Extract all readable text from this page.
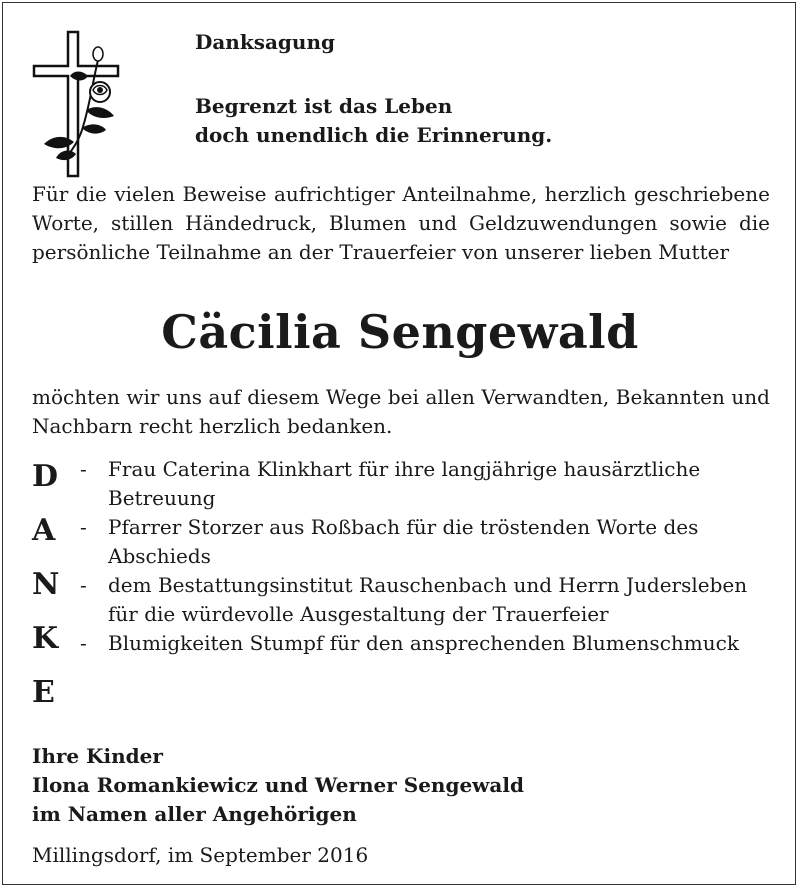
Danksagung
Begrenzt ist das Leben
doch unendlich die Erinnerung.
Für die vielen Beweise aufrichtiger Anteilnahme, herzlich geschriebene Worte, stillen Händedruck, Blumen und Geldzuwendungen sowie die persönliche Teilnahme an der Trauerfeier von unserer lieben Mutter
Cäcilia Sengewald
möchten wir uns auf diesem Wege bei allen Verwandten, Bekannten und Nachbarn recht herzlich bedanken.
D
A
N
K
E
- Frau Caterina Klinkhart für ihre langjährige hausärztliche Betreuung
- Pfarrer Storzer aus Roßbach für die tröstenden Worte des Abschieds
- dem Bestattungsinstitut Rauschenbach und Herrn Judersleben für die würdevolle Ausgestaltung der Trauerfeier
- Blumigkeiten Stumpf für den ansprechenden Blumenschmuck
Ihre Kinder
Ilona Romankiewicz und Werner Sengewald
im Namen aller Angehörigen
Millingsdorf, im September 2016
